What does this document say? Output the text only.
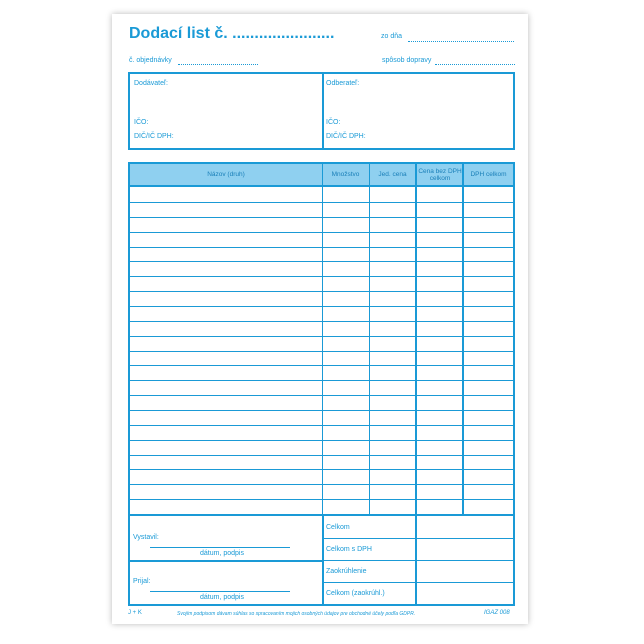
Dodací list č. .......................	zo dňa
č. objednávky	spôsob dopravy
Dodávateľ:
IČO:
DIČ/IČ DPH:
Odberateľ:
IČO:
DIČ/IČ DPH:
Názov (druh)	Množstvo	Jed. cena	Cena bez DPH celkom	DPH celkom
Vystavil:
dátum, podpis
Prijal:
dátum, podpis
Celkom
Celkom s DPH
Zaokrúhlenie
Celkom (zaokrúhl.)
J + K	Svojím podpisom dávam súhlas so spracovaním mojich osobných údajov pre obchodné účely podľa GDPR.	IGAZ 008
